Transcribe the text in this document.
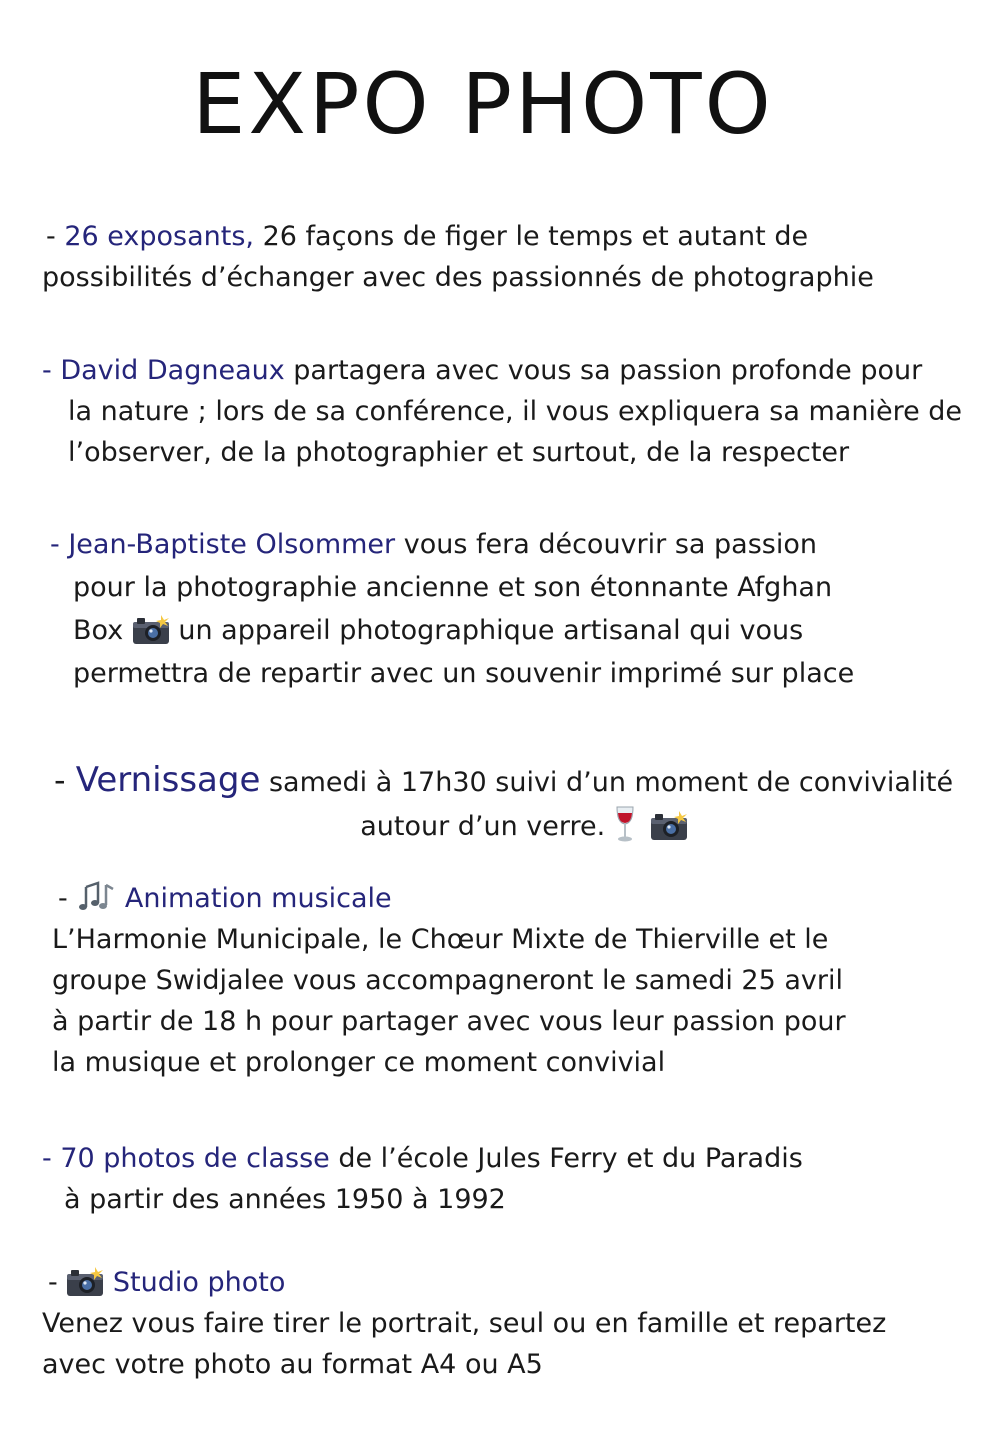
EXPO PHOTO
- 26 exposants, 26 façons de figer le temps et autant de
possibilités d’échanger avec des passionnés de photographie
- David Dagneaux partagera avec vous sa passion profonde pour
la nature ; lors de sa conférence, il vous expliquera sa manière de
l’observer, de la photographier et surtout, de la respecter
- Jean-Baptiste Olsommer vous fera découvrir sa passion
pour la photographie ancienne et son étonnante Afghan
Box  un appareil photographique artisanal qui vous
permettra de repartir avec un souvenir imprimé sur place
- Vernissage samedi à 17h30 suivi d’un moment de convivialité
autour d’un verre.
-  Animation musicale
L’Harmonie Municipale, le Chœur Mixte de Thierville et le
groupe Swidjalee vous accompagneront le samedi 25 avril
à partir de 18 h pour partager avec vous leur passion pour
la musique et prolonger ce moment convivial
- 70 photos de classe de l’école Jules Ferry et du Paradis
à partir des années 1950 à 1992
-  Studio photo
Venez vous faire tirer le portrait, seul ou en famille et repartez
avec votre photo au format A4 ou A5
